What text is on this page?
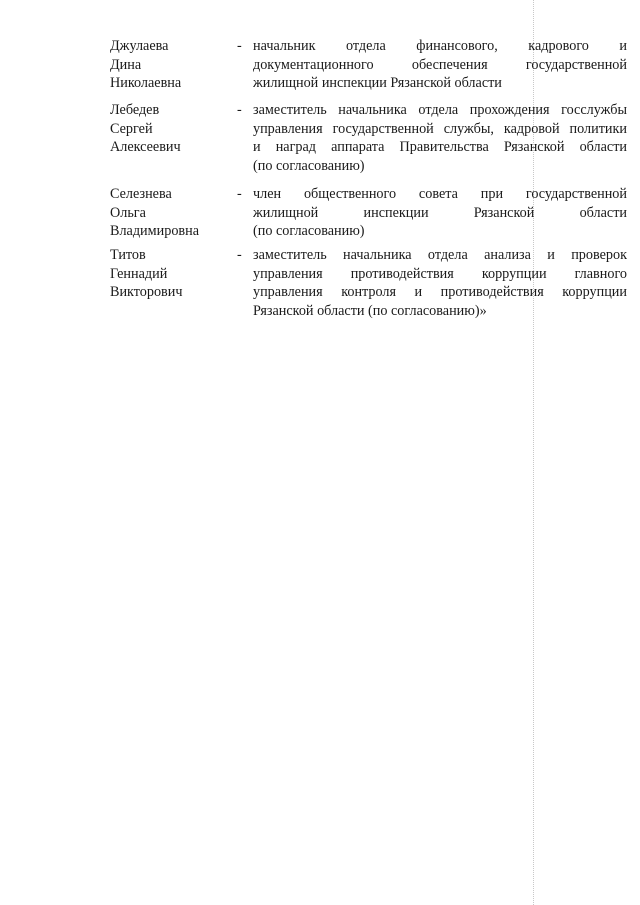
Джулаева
Дина
Николаевна
- начальник отдела финансового, кадрового и
документационного обеспечения государственной
жилищной инспекции Рязанской области
Лебедев
Сергей
Алексеевич
- заместитель начальника отдела прохождения госслужбы
управления государственной службы, кадровой политики
и наград аппарата Правительства Рязанской области
(по согласованию)
Селезнева
Ольга
Владимировна
- член общественного совета при государственной
жилищной инспекции Рязанской области
(по согласованию)
Титов
Геннадий
Викторович
- заместитель начальника отдела анализа и проверок
управления противодействия коррупции главного
управления контроля и противодействия коррупции
Рязанской области (по согласованию)»
